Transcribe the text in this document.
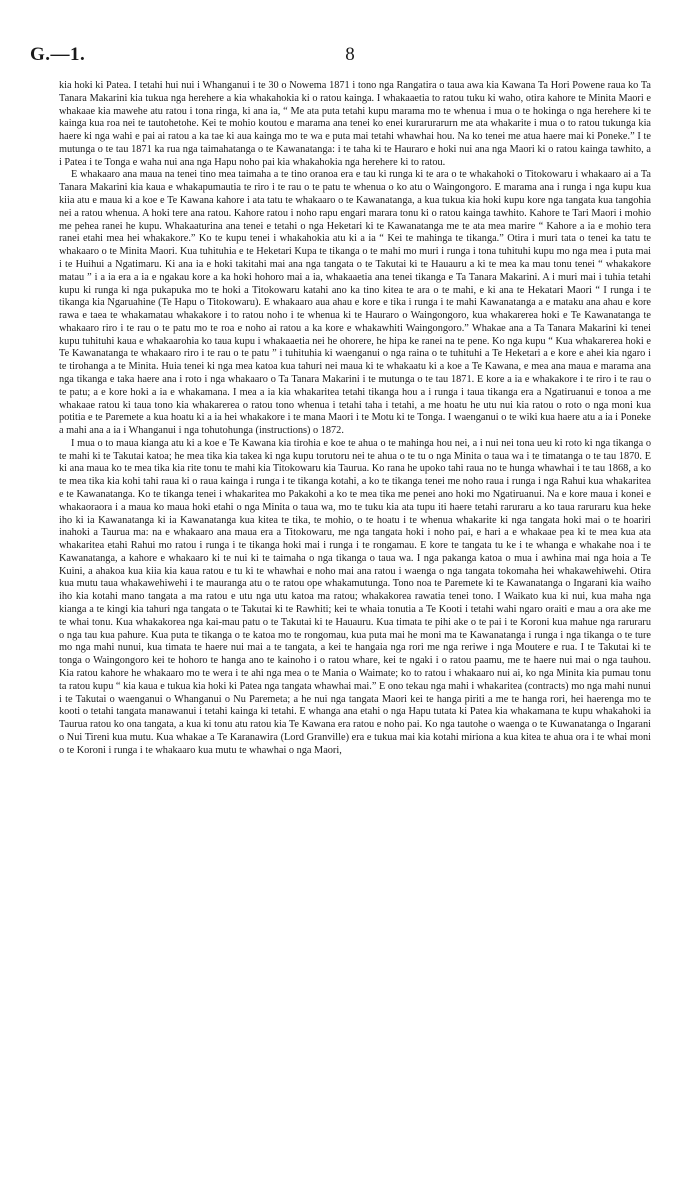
G.—1.	8

kia hoki ki Patea. I tetahi hui nui i Whanganui i te 30 o Nowema 1871 i tono nga Rangatira o taua awa kia Kawana Ta Hori Powene raua ko Ta Tanara Makarini kia tukua nga herehere a kia whakahokia ki o ratou kainga. I whakaaetia to ratou tuku ki waho, otira kahore te Minita Maori e whakaae kia mawehe atu ratou i tona ringa, ki ana ia, “ Me ata puta tetahi kupu marama mo te whenua i mua o te hokinga o nga herehere ki te kainga kua roa nei te tautohetohe. Kei te mohio koutou e marama ana tenei ko enei kurarurarurn me ata whakarite i mua o to ratou tukunga kia haere ki nga wahi e pai ai ratou a ka tae ki aua kainga mo te wa e puta mai tetahi whawhai hou. Na ko tenei me atua haere mai ki Poneke.” I te mutunga o te tau 1871 ka rua nga taimahatanga o te Kawanatanga: i te taha ki te Hauraro e hoki nui ana nga Maori ki o ratou kainga tawhito, a i Patea i te Tonga e waha nui ana nga Hapu noho pai kia whakahokia nga herehere ki to ratou.

E whakaaro ana maua na tenei tino mea taimaha a te tino oranoa era e tau ki runga ki te ara o te whakahoki o Titokowaru i whakaaro ai a Ta Tanara Makarini kia kaua e whakapumautia te riro i te rau o te patu te whenua o ko atu o Waingongoro. E marama ana i runga i nga kupu kua kiia atu e maua ki a koe e Te Kawana kahore i ata tatu te whakaaro o te Kawanatanga, a kua tukua kia hoki kupu kore nga tangata kua tangohia nei a ratou whenua. A hoki tere ana ratou. Kahore ratou i noho rapu engari marara tonu ki o ratou kainga tawhito. Kahore te Tari Maori i mohio me pehea ranei he kupu. Whakaaturina ana tenei e tetahi o nga Heketari ki te Kawanatanga me te ata mea marire “ Kahore a ia e mohio tera ranei etahi mea hei whakakore.” Ko te kupu tenei i whakahokia atu ki a ia “ Kei te mahinga te tikanga.” Otira i muri tata o tenei ka tatu te whakaaro o te Minita Maori. Kua tuhituhia e te Heketari Kupa te tikanga o te mahi mo muri i runga i tona tuhituhi kupu mo nga mea i puta mai i te Huihui a Ngatimaru. Ki ana ia e hoki takitahi mai ana nga tangata o te Takutai ki te Hauauru a ki te mea ka mau tonu tenei “ whakakore matau ” i a ia era a ia e ngakau kore a ka hoki hohoro mai a ia, whakaaetia ana tenei tikanga e Ta Tanara Makarini. A i muri mai i tuhia tetahi kupu ki runga ki nga pukapuka mo te hoki a Titokowaru katahi ano ka tino kitea te ara o te mahi, e ki ana te Hekatari Maori “ I runga i te tikanga kia Ngaruahine (Te Hapu o Titokowaru). E whakaaro aua ahau e kore e tika i runga i te mahi Kawanatanga a e mataku ana ahau e kore rawa e taea te whakamatau whakakore i to ratou noho i te whenua ki te Hauraro o Waingongoro, kua whakarerea hoki e Te Kawanatanga te whakaaro riro i te rau o te patu mo te roa e noho ai ratou a ka kore e whakawhiti Waingongoro.” Whakae ana a Ta Tanara Makarini ki tenei kupu tuhituhi kaua e whakaarohia ko taua kupu i whakaaetia nei he ohorere, he hipa ke ranei na te pene. Ko nga kupu “ Kua whakarerea hoki e Te Kawanatanga te whakaaro riro i te rau o te patu ” i tuhituhia ki waenganui o nga raina o te tuhituhi a Te Heketari a e kore e ahei kia ngaro i te tirohanga a te Minita. Huia tenei ki nga mea katoa kua tahuri nei maua ki te whakaatu ki a koe a Te Kawana, e mea ana maua e marama ana nga tikanga e taka haere ana i roto i nga whakaaro o Ta Tanara Makarini i te mutunga o te tau 1871. E kore a ia e whakakore i te riro i te rau o te patu; a e kore hoki a ia e whakamana. I mea a ia kia whakaritea tetahi tikanga hou a i runga i taua tikanga era a Ngatiruanui e tonoa a me whakaae ratou ki taua tono kia whakarerea o ratou tono whenua i tetahi taha i tetahi, a me hoatu he utu nui kia ratou o roto o nga moni kua potitia e te Paremete a kua hoatu ki a ia hei whakakore i te mana Maori i te Motu ki te Tonga. I waenganui o te wiki kua haere atu a ia i Poneke a mahi ana a ia i Whanganui i nga tohutohunga (instructions) o 1872.

I mua o to maua kianga atu ki a koe e Te Kawana kia tirohia e koe te ahua o te mahinga hou nei, a i nui nei tona ueu ki roto ki nga tikanga o te mahi ki te Takutai katoa; he mea tika kia takea ki nga kupu torutoru nei te ahua o te tu o nga Minita o taua wa i te timatanga o te tau 1870. E ki ana maua ko te mea tika kia rite tonu te mahi kia Titokowaru kia Taurua. Ko rana he upoko tahi raua no te hunga whawhai i te tau 1868, a ko te mea tika kia kohi tahi raua ki o raua kainga i runga i te tikanga kotahi, a ko te tikanga tenei me noho raua i runga i nga Rahui kua whakaritea e te Kawanatanga. Ko te tikanga tenei i whakaritea mo Pakakohi a ko te mea tika me penei ano hoki mo Ngatiruanui. Na e kore maua i konei e whakaoraora i a maua ko maua hoki etahi o nga Minita o taua wa, mo te tuku kia ata tupu iti haere tetahi raruraru a ko taua raruraru kua heke iho ki ia Kawanatanga ki ia Kawanatanga kua kitea te tika, te mohio, o te hoatu i te whenua whakarite ki nga tangata hoki mai o te hoariri inahoki a Taurua ma: na e whakaaro ana maua era a Titokowaru, me nga tangata hoki i noho pai, e hari a e whakaae pea ki te mea kua ata whakaritea etahi Rahui mo ratou i runga i te tikanga hoki mai i runga i te rongamau. E kore te tangata tu ke i te whanga e whakahe noa i te Kawanatanga, a kahore e whakaaro ki te nui ki te taimaha o nga tikanga o taua wa. I nga pakanga katoa o mua i awhina mai nga hoia a Te Kuini, a ahakoa kua kiia kia kaua ratou e tu ki te whawhai e noho mai ana ratou i waenga o nga tangata tokomaha hei whakawehiwehi. Otira kua mutu taua whakawehiwehi i te mauranga atu o te ratou ope whakamutunga. Tono noa te Paremete ki te Kawanatanga o Ingarani kia waiho iho kia kotahi mano tangata a ma ratou e utu nga utu katoa ma ratou; whakakorea rawatia tenei tono. I Waikato kua ki nui, kua maha nga kianga a te kingi kia tahuri nga tangata o te Takutai ki te Rawhiti; kei te whaia tonutia a Te Kooti i tetahi wahi ngaro oraiti e mau a ora ake me te whai tonu. Kua whakakorea nga kai-mau patu o te Takutai ki te Hauauru. Kua timata te pihi ake o te pai i te Koroni kua mahue nga raruraru o nga tau kua pahure. Kua puta te tikanga o te katoa mo te rongomau, kua puta mai he moni ma te Kawanatanga i runga i nga tikanga o te ture mo nga mahi nunui, kua timata te haere nui mai a te tangata, a kei te hangaia nga rori me nga reriwe i nga Moutere e rua. I te Takutai ki te tonga o Waingongoro kei te hohoro te hanga ano te kainoho i o ratou whare, kei te ngaki i o ratou paamu, me te haere nui mai o nga tauhou. Kia ratou kahore he whakaaro mo te wera i te ahi nga mea o te Mania o Waimate; ko to ratou i whakaaro nui ai, ko nga Minita kia pumau tonu ta ratou kupu “ kia kaua e tukua kia hoki ki Patea nga tangata whawhai mai.” E ono tekau nga mahi i whakaritea (contracts) mo nga mahi nunui i te Takutai o waenganui o Whanganui o Nu Paremeta; a he nui nga tangata Maori kei te hanga piriti a me te hanga rori, hei haerenga mo te kooti o tetahi tangata manawanui i tetahi kainga ki tetahi. E whanga ana etahi o nga Hapu tutata ki Patea kia whakamana te kupu whakahoki ia Taurua ratou ko ona tangata, a kua ki tonu atu ratou kia Te Kawana era ratou e noho pai. Ko nga tautohe o waenga o te Kuwanatanga o Ingarani o Nui Tireni kua mutu. Kua whakae a Te Karanawira (Lord Granville) era e tukua mai kia kotahi miriona a kua kitea te ahua ora i te whai moni o te Koroni i runga i te whakaaro kua mutu te whawhai o nga Maori,
